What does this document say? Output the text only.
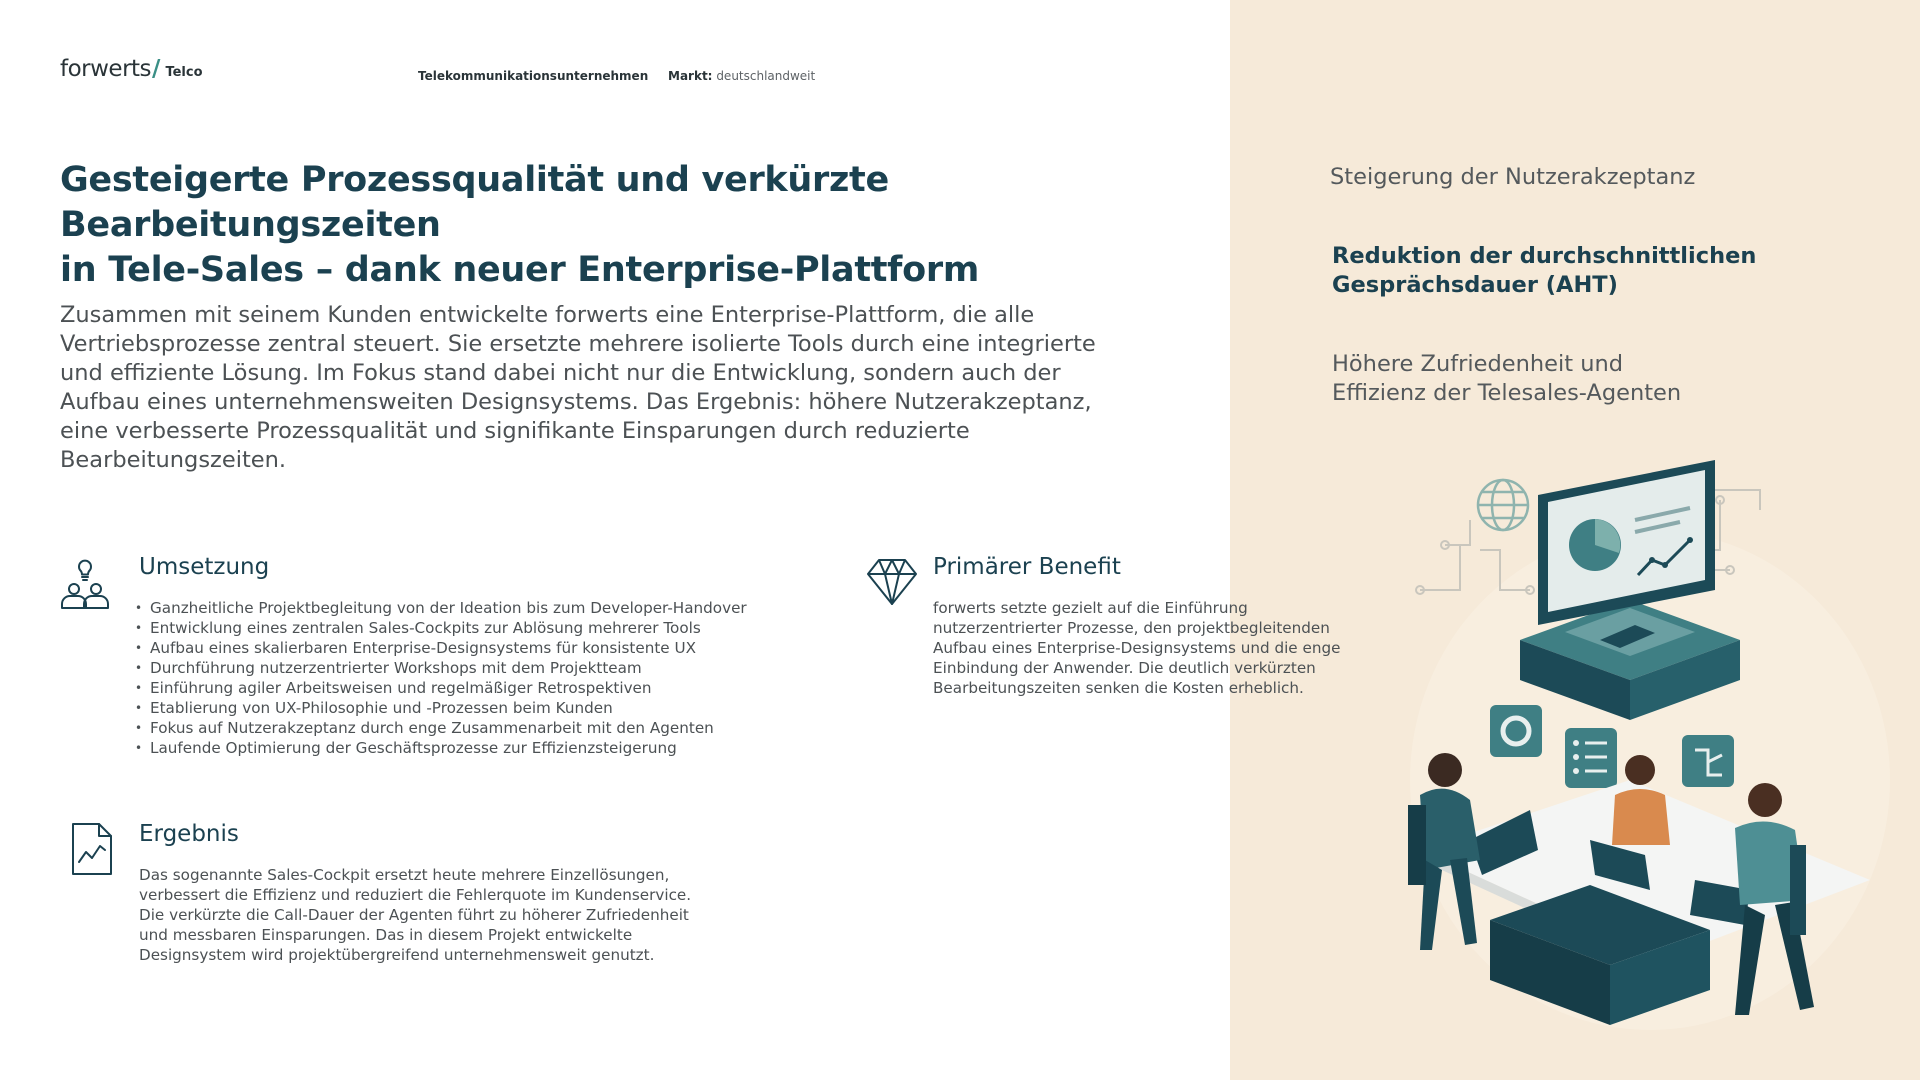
forwerts / Telco	Telekommunikationsunternehmen Markt: deutschlandweit
Gesteigerte Prozessqualität und verkürzte Bearbeitungszeiten
in Tele-Sales – dank neuer Enterprise-Plattform

Zusammen mit seinem Kunden entwickelte forwerts eine Enterprise-Plattform, die alle
Vertriebsprozesse zentral steuert. Sie ersetzte mehrere isolierte Tools durch eine integrierte
und effiziente Lösung. Im Fokus stand dabei nicht nur die Entwicklung, sondern auch der
Aufbau eines unternehmensweiten Designsystems. Das Ergebnis: höhere Nutzerakzeptanz,
eine verbesserte Prozessqualität und signifikante Einsparungen durch reduzierte
Bearbeitungszeiten.

Umsetzung
• Ganzheitliche Projektbegleitung von der Ideation bis zum Developer-Handover
• Entwicklung eines zentralen Sales-Cockpits zur Ablösung mehrerer Tools
• Aufbau eines skalierbaren Enterprise-Designsystems für konsistente UX
• Durchführung nutzerzentrierter Workshops mit dem Projektteam
• Einführung agiler Arbeitsweisen und regelmäßiger Retrospektiven
• Etablierung von UX-Philosophie und -Prozessen beim Kunden
• Fokus auf Nutzerakzeptanz durch enge Zusammenarbeit mit den Agenten
• Laufende Optimierung der Geschäftsprozesse zur Effizienzsteigerung
Primärer Benefit

forwerts setzte gezielt auf die Einführung
nutzerzentrierter Prozesse, den projektbegleitenden
Aufbau eines Enterprise-Designsystems und die enge
Einbindung der Anwender. Die deutlich verkürzten
Bearbeitungszeiten senken die Kosten erheblich.

Ergebnis

Das sogenannte Sales-Cockpit ersetzt heute mehrere Einzellösungen,
verbessert die Effizienz und reduziert die Fehlerquote im Kundenservice.
Die verkürzte die Call-Dauer der Agenten führt zu höherer Zufriedenheit
und messbaren Einsparungen. Das in diesem Projekt entwickelte
Designsystem wird projektübergreifend unternehmensweit genutzt.

Steigerung der Nutzerakzeptanz
Reduktion der durchschnittlichen
Gesprächsdauer (AHT)
Höhere Zufriedenheit und
Effizienz der Telesales-Agenten
